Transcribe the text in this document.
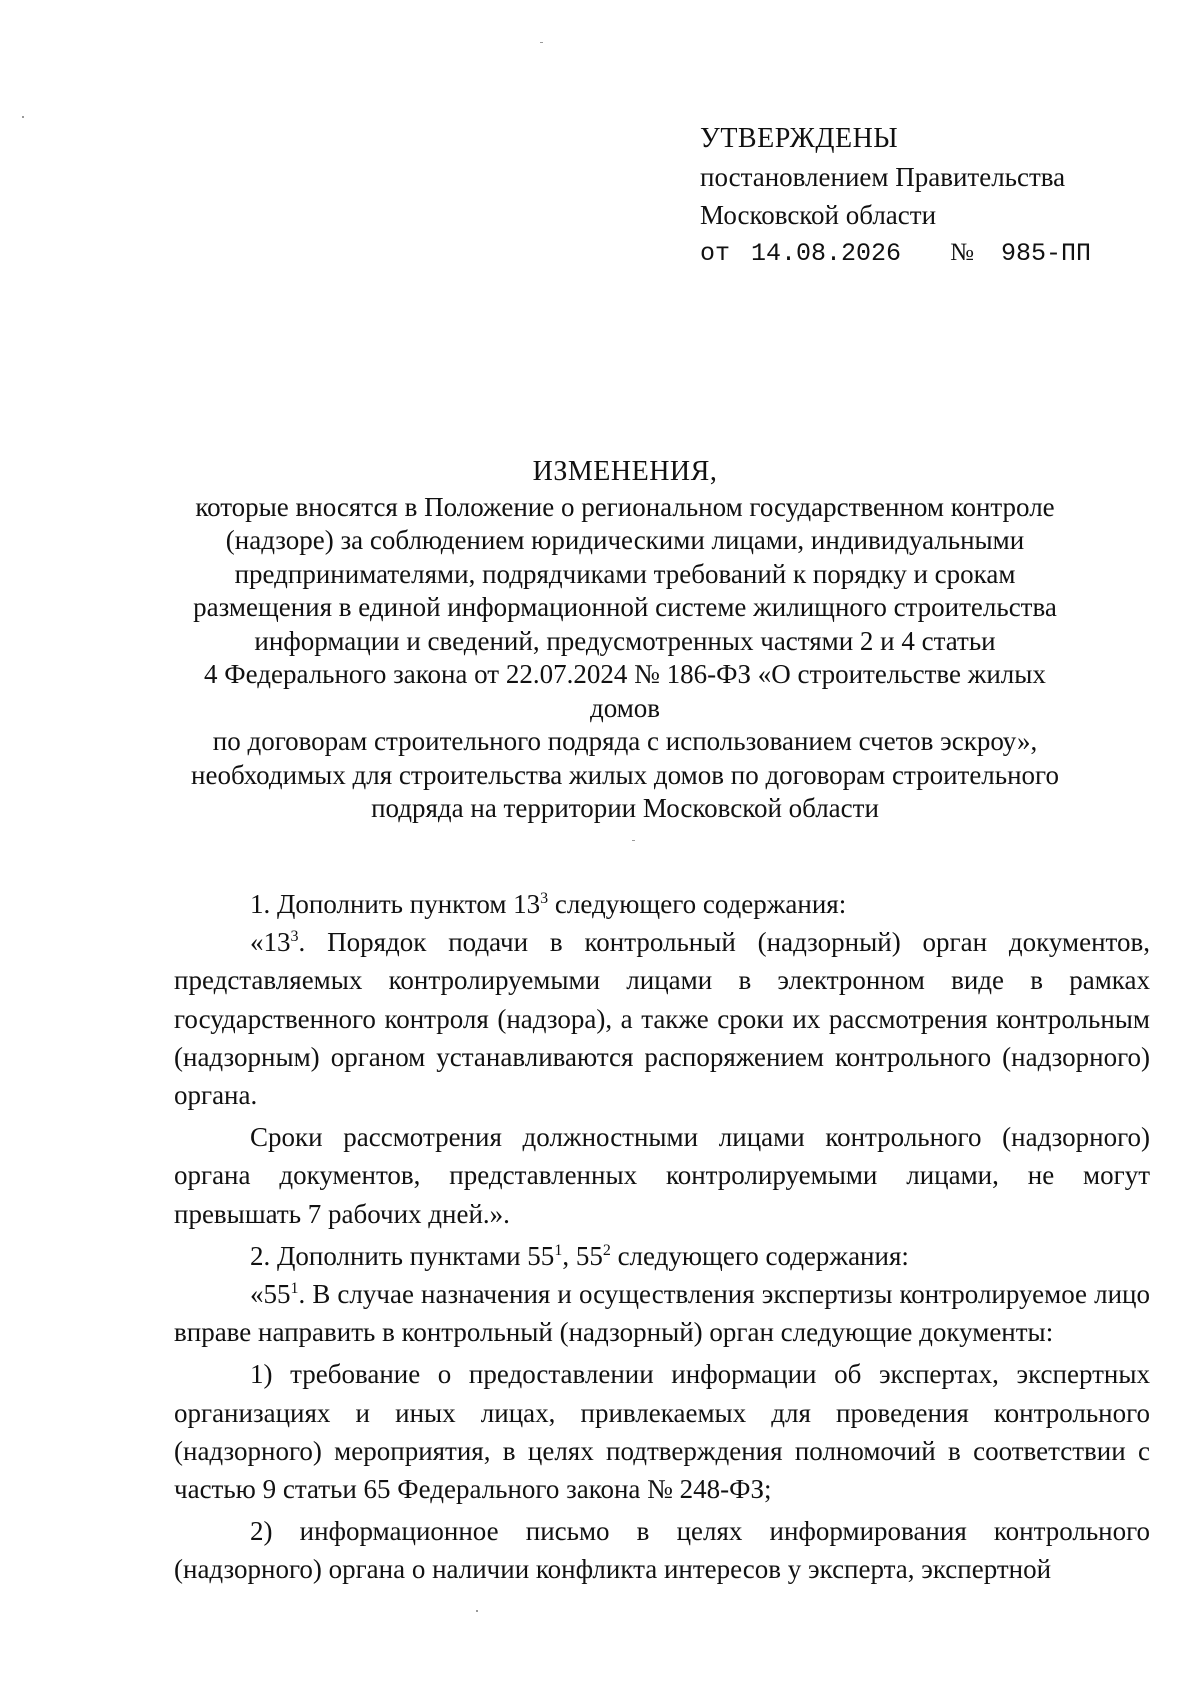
УТВЕРЖДЕНЫ
постановлением Правительства
Московской области
от 14.08.2026 № 985-ПП
ИЗМЕНЕНИЯ,
которые вносятся в Положение о региональном государственном контроле
(надзоре) за соблюдением юридическими лицами, индивидуальными
предпринимателями, подрядчиками требований к порядку и срокам
размещения в единой информационной системе жилищного строительства
информации и сведений, предусмотренных частями 2 и 4 статьи
4 Федерального закона от 22.07.2024 № 186-ФЗ «О строительстве жилых домов
по договорам строительного подряда с использованием счетов эскроу»,
необходимых для строительства жилых домов по договорам строительного
подряда на территории Московской области

1. Дополнить пунктом $13^3$ следующего содержания:

«$13^3$. Порядок подачи в контрольный (надзорный) орган документов, представляемых контролируемыми лицами в электронном виде в рамках государственного контроля (надзора), а также сроки их рассмотрения контрольным (надзорным) органом устанавливаются распоряжением контрольного (надзорного) органа.

Сроки рассмотрения должностными лицами контрольного (надзорного) органа документов, представленных контролируемыми лицами, не могут превышать 7 рабочих дней.».

2. Дополнить пунктами $55^1$, $55^2$ следующего содержания:

«$55^1$. В случае назначения и осуществления экспертизы контролируемое лицо вправе направить в контрольный (надзорный) орган следующие документы:

1) требование о предоставлении информации об экспертах, экспертных организациях и иных лицах, привлекаемых для проведения контрольного (надзорного) мероприятия, в целях подтверждения полномочий в соответствии с частью 9 статьи 65 Федерального закона № 248-ФЗ;

2) информационное письмо в целях информирования контрольного (надзорного) органа о наличии конфликта интересов у эксперта, экспертной
